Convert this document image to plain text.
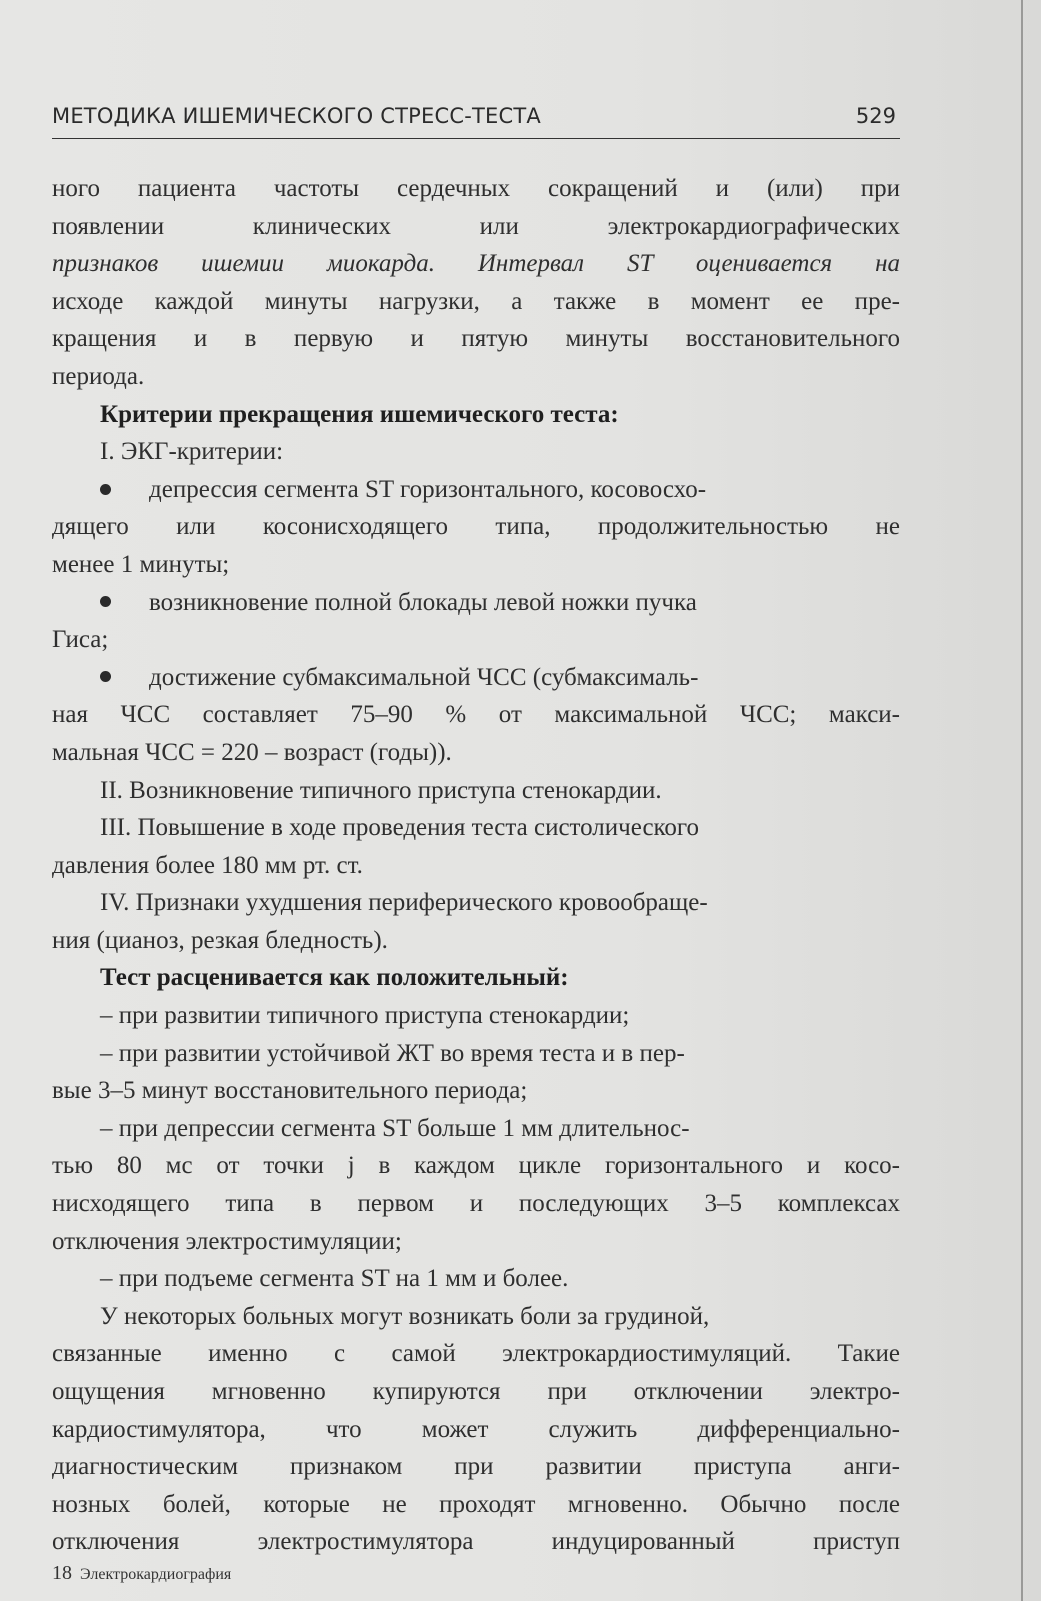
МЕТОДИКА ИШЕМИЧЕСКОГО СТРЕСС-ТЕСТА	529
ного пациента частоты сердечных сокращений и (или) при
появлении клинических или электрокардиографических
признаков ишемии миокарда. Интервал ST оценивается на
исходе каждой минуты нагрузки, а также в момент ее пре-
кращения и в первую и пятую минуты восстановительного
периода.
Критерии прекращения ишемического теста:
I. ЭКГ-критерии:
депрессия сегмента ST горизонтального, косовосхо-
дящего или косонисходящего типа, продолжительностью не
менее 1 минуты;
возникновение полной блокады левой ножки пучка
Гиса;
достижение субмаксимальной ЧСС (субмаксималь-
ная ЧСС составляет 75–90 % от максимальной ЧСС; макси-
мальная ЧСС = 220 – возраст (годы)).
II. Возникновение типичного приступа стенокардии.
III. Повышение в ходе проведения теста систолического
давления более 180 мм рт. ст.
IV. Признаки ухудшения периферического кровообраще-
ния (цианоз, резкая бледность).
Тест расценивается как положительный:
– при развитии типичного приступа стенокардии;
– при развитии устойчивой ЖТ во время теста и в пер-
вые 3–5 минут восстановительного периода;
– при депрессии сегмента ST больше 1 мм длительнос-
тью 80 мс от точки j в каждом цикле горизонтального и косо-
нисходящего типа в первом и последующих 3–5 комплексах
отключения электростимуляции;
– при подъеме сегмента ST на 1 мм и более.
У некоторых больных могут возникать боли за грудиной,
связанные именно с самой электрокардиостимуляций. Такие
ощущения мгновенно купируются при отключении электро-
кардиостимулятора, что может служить дифференциально-
диагностическим признаком при развитии приступа анги-
нозных болей, которые не проходят мгновенно. Обычно после
отключения электростимулятора индуцированный приступ
18 Электрокардиография
